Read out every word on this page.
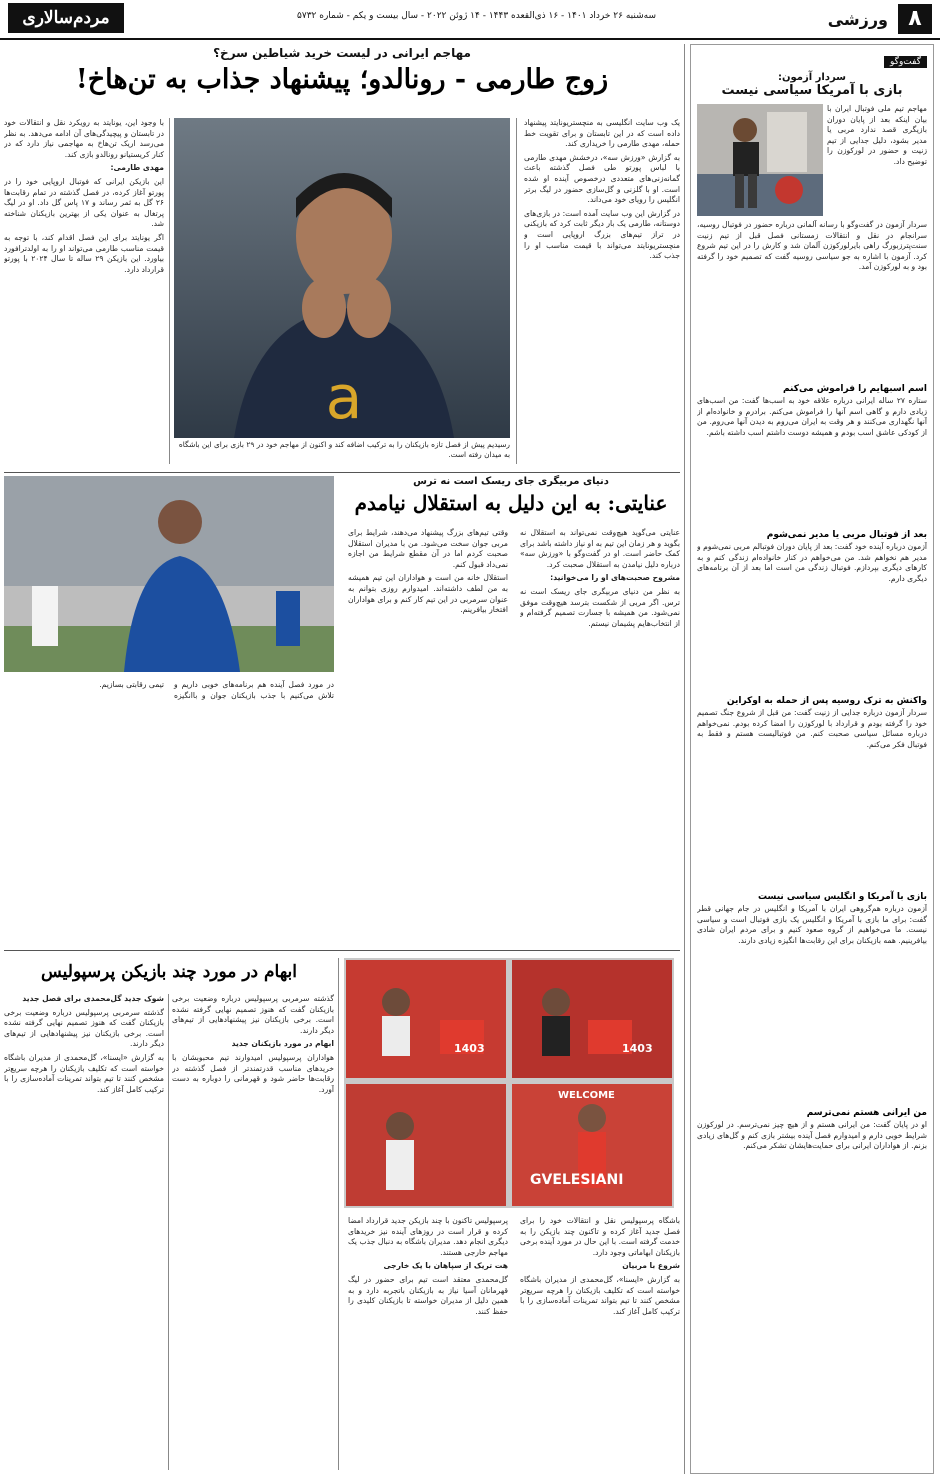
مردم‌سالاری	سه‌شنبه ۲۶ خرداد ۱۴۰۱ - ۱۶ ذی‌القعده ۱۴۴۳ - ۱۴ ژوئن ۲۰۲۲ - سال بیست و یکم - شماره ۵۷۳۲	ورزشی ۸
گفت‌وگو
سردار آزمون:
بازی با آمریکا سیاسی نیست
مهاجم تیم ملی فوتبال ایران با بیان اینکه بعد از پایان دوران بازیگری قصد ندارد مربی یا مدیر بشود، دلیل جدایی از تیم زنیت و حضور در لورکوزن را توضیح داد.
سردار آزمون در گفت‌وگو با رسانه آلمانی درباره حضور در فوتبال روسیه، سرانجام در نقل و انتقالات زمستانی فصل قبل از تیم زنیت سنت‌پترزبورگ راهی بایرلورکوزن آلمان شد و کارش را در این تیم شروع کرد. آزمون با اشاره به جو سیاسی روسیه گفت که تصمیم خود را گرفته بود و به لورکوزن آمد.
اسم اسبهایم را فراموش می‌کنم
ستاره ۲۷ ساله ایرانی درباره علاقه خود به اسب‌ها گفت: من اسب‌های زیادی دارم و گاهی اسم آنها را فراموش می‌کنم. برادرم و خانواده‌ام از آنها نگهداری می‌کنند و هر وقت به ایران می‌روم به دیدن آنها می‌روم. من از کودکی عاشق اسب بودم و همیشه دوست داشتم اسب داشته باشم.
بعد از فوتبال مربی یا مدیر نمی‌شوم
آزمون درباره آینده خود گفت: بعد از پایان دوران فوتبالم مربی نمی‌شوم و مدیر هم نخواهم شد. من می‌خواهم در کنار خانواده‌ام زندگی کنم و به کارهای دیگری بپردازم. فوتبال زندگی من است اما بعد از آن برنامه‌های دیگری دارم.
واکنش به ترک روسیه پس از حمله به اوکراین
سردار آزمون درباره جدایی از زنیت گفت: من قبل از شروع جنگ تصمیم خود را گرفته بودم و قرارداد با لورکوزن را امضا کرده بودم. نمی‌خواهم درباره مسائل سیاسی صحبت کنم. من فوتبالیست هستم و فقط به فوتبال فکر می‌کنم.
بازی با آمریکا و انگلیس سیاسی نیست
آزمون درباره هم‌گروهی ایران با آمریکا و انگلیس در جام جهانی قطر گفت: برای ما بازی با آمریکا و انگلیس یک بازی فوتبال است و سیاسی نیست. ما می‌خواهیم از گروه صعود کنیم و برای مردم ایران شادی بیافرینیم. همه بازیکنان برای این رقابت‌ها انگیزه زیادی دارند.
من ایرانی هستم نمی‌ترسم
او در پایان گفت: من ایرانی هستم و از هیچ چیز نمی‌ترسم. در لورکوزن شرایط خوبی دارم و امیدوارم فصل آینده بیشتر بازی کنم و گل‌های زیادی بزنم. از هواداران ایرانی برای حمایت‌هایشان تشکر می‌کنم.
مهاجم ایرانی در لیست خرید شیاطین سرخ؟
زوج طارمی - رونالدو؛ پیشنهاد جذاب به تن‌هاخ!

یک وب سایت انگلیسی به منچستریونایتد پیشنهاد داده است که در این تابستان و برای تقویت خط حمله، مهدی طارمی را خریداری کند.

به گزارش «ورزش سه»، درخشش مهدی طارمی با لباس پورتو طی فصل گذشته باعث گمانه‌زنی‌های متعددی درخصوص آینده او شده است. او با گلزنی و گل‌سازی حضور در لیگ برتر انگلیس را رویای خود می‌داند.

در گزارش این وب سایت آمده است: در بازی‌های دوستانه، طارمی یک بار دیگر ثابت کرد که بازیکنی در تراز تیم‌های بزرگ اروپایی است و منچستریونایتد می‌تواند با قیمت مناسب او را جذب کند.

a

با وجود این، یونایتد به رویکرد نقل و انتقالات خود در تابستان و پیچیدگی‌های آن ادامه می‌دهد. به نظر می‌رسد اریک تن‌هاخ به مهاجمی نیاز دارد که در کنار کریستیانو رونالدو بازی کند.

مهدی طارمی:

این بازیکن ایرانی که فوتبال اروپایی خود را در پورتو آغاز کرده، در فصل گذشته در تمام رقابت‌ها ۲۶ گل به ثمر رساند و ۱۷ پاس گل داد. او در لیگ پرتغال به عنوان یکی از بهترین بازیکنان شناخته شد.

اگر یونایتد برای این فصل اقدام کند، با توجه به قیمت مناسب طارمی می‌تواند او را به اولدترافورد بیاورد. این بازیکن ۲۹ ساله تا سال ۲۰۲۴ با پورتو قرارداد دارد.

رسیدیم پیش از فصل تازه بازیکنان را به ترکیب اضافه کند و اکنون از مهاجم خود در ۲۹ بازی برای این باشگاه به میدان رفته است.
دنیای مربیگری جای ریسک است نه ترس
عنایتی: به این دلیل به استقلال نیامدم

عنایتی می‌گوید هیچ‌وقت نمی‌تواند به استقلال نه بگوید و هر زمان این تیم به او نیاز داشته باشد برای کمک حاضر است. او در گفت‌وگو با «ورزش سه» درباره دلیل نیامدن به استقلال صحبت کرد.

مشروح صحبت‌های او را می‌خوانید:

به نظر من دنیای مربیگری جای ریسک است نه ترس. اگر مربی از شکست بترسد هیچ‌وقت موفق نمی‌شود. من همیشه با جسارت تصمیم گرفته‌ام و از انتخاب‌هایم پشیمان نیستم.

وقتی تیم‌های بزرگ پیشنهاد می‌دهند، شرایط برای مربی جوان سخت می‌شود. من با مدیران استقلال صحبت کردم اما در آن مقطع شرایط من اجازه نمی‌داد قبول کنم.

استقلال خانه من است و هواداران این تیم همیشه به من لطف داشته‌اند. امیدوارم روزی بتوانم به عنوان سرمربی در این تیم کار کنم و برای هواداران افتخار بیافرینم.

در مورد فصل آینده هم برنامه‌های خوبی داریم و تلاش می‌کنیم با جذب بازیکنان جوان و باانگیزه تیمی رقابتی بسازیم.

ابهام در مورد چند بازیکن پرسپولیس
1403	1403
WELCOME
GVELESIANI

باشگاه پرسپولیس نقل و انتقالات خود را برای فصل جدید آغاز کرده و تاکنون چند بازیکن را به خدمت گرفته است. با این حال در مورد آینده برخی بازیکنان ابهاماتی وجود دارد.

شروع با مربیان

به گزارش «ایسنا»، گل‌محمدی از مدیران باشگاه خواسته است که تکلیف بازیکنان را هرچه سریع‌تر مشخص کنند تا تیم بتواند تمرینات آماده‌سازی را با ترکیب کامل آغاز کند.

پرسپولیس تاکنون با چند بازیکن جدید قرارداد امضا کرده و قرار است در روزهای آینده نیز خریدهای دیگری انجام دهد. مدیران باشگاه به دنبال جذب یک مهاجم خارجی هستند.

هت تریک از سپاهان با یک خارجی

گل‌محمدی معتقد است تیم برای حضور در لیگ قهرمانان آسیا نیاز به بازیکنان باتجربه دارد و به همین دلیل از مدیران خواسته تا بازیکنان کلیدی را حفظ کنند.

گذشته سرمربی پرسپولیس درباره وضعیت برخی بازیکنان گفت که هنوز تصمیم نهایی گرفته نشده است. برخی بازیکنان نیز پیشنهادهایی از تیم‌های دیگر دارند.

ابهام در مورد بازیکنان جدید

هواداران پرسپولیس امیدوارند تیم محبوبشان با خریدهای مناسب قدرتمندتر از فصل گذشته در رقابت‌ها حاضر شود و قهرمانی را دوباره به دست آورد.

شوک جدید گل‌محمدی برای فصل جدید

گذشته سرمربی پرسپولیس درباره وضعیت برخی بازیکنان گفت که هنوز تصمیم نهایی گرفته نشده است. برخی بازیکنان نیز پیشنهادهایی از تیم‌های دیگر دارند.

به گزارش «ایسنا»، گل‌محمدی از مدیران باشگاه خواسته است که تکلیف بازیکنان را هرچه سریع‌تر مشخص کنند تا تیم بتواند تمرینات آماده‌سازی را با ترکیب کامل آغاز کند.
